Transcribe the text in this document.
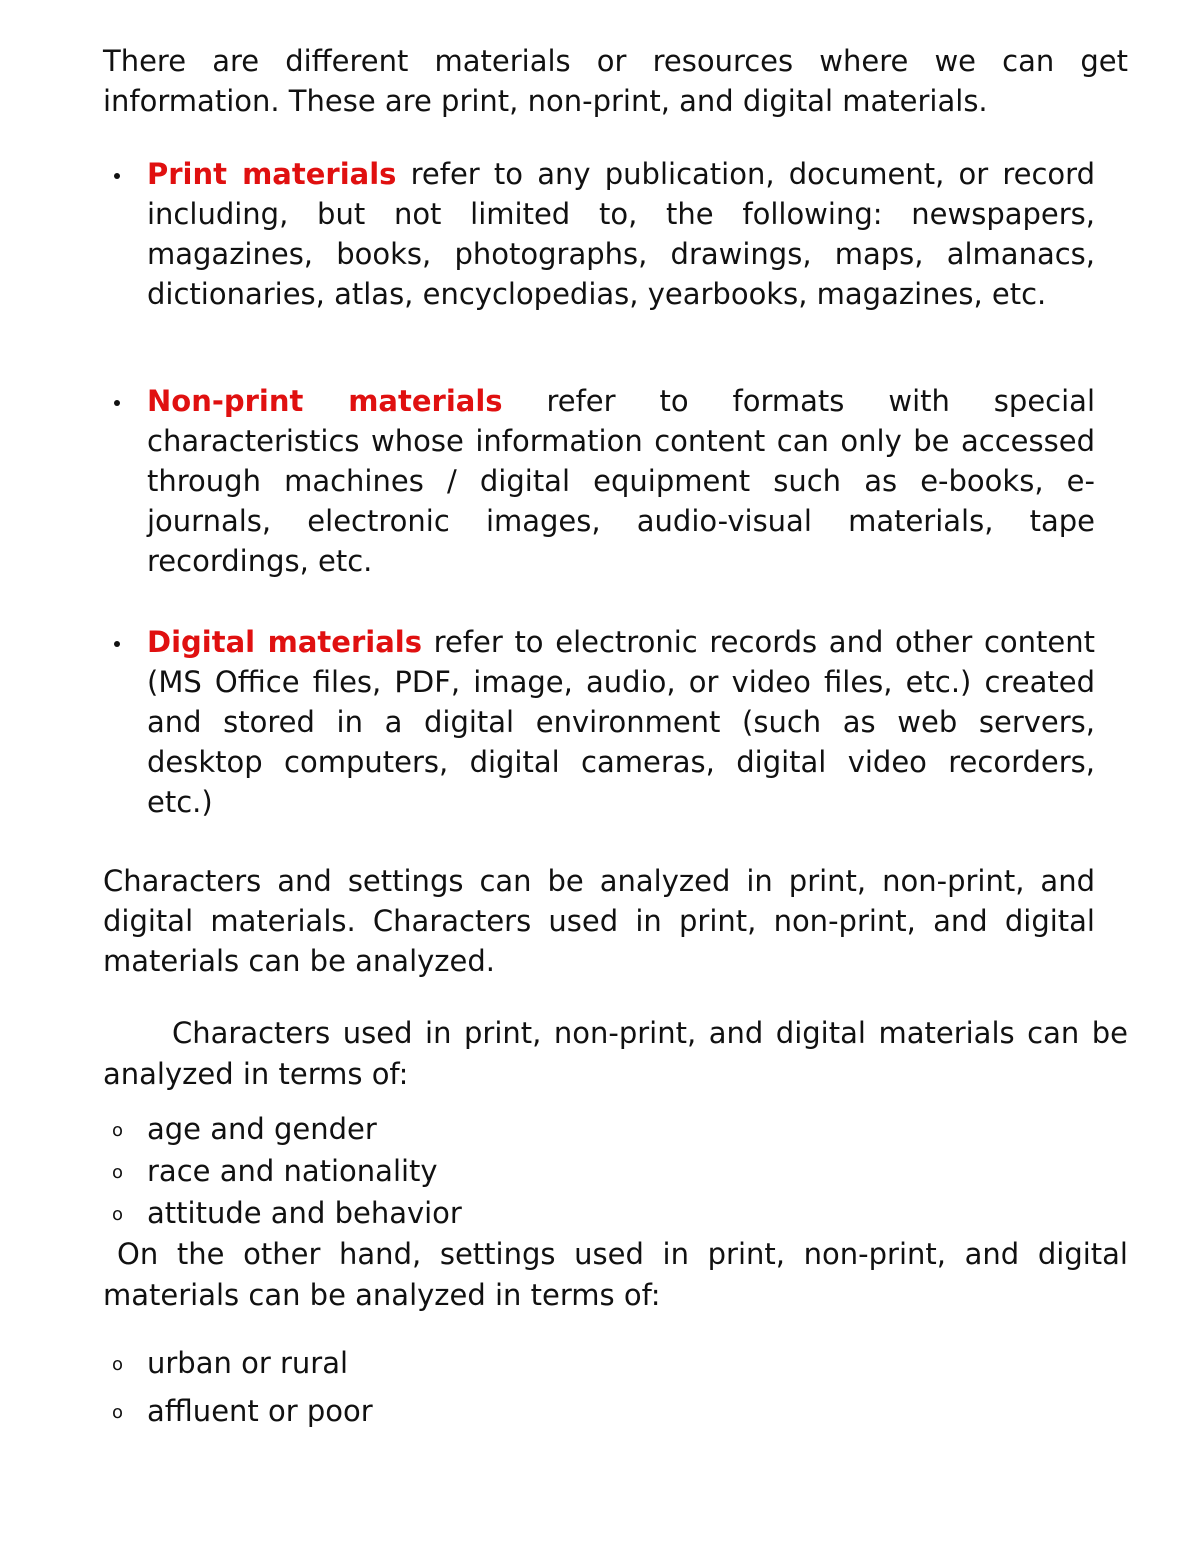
There are different materials or resources where we can get information. These are print, non-print, and digital materials.

Print materials refer to any publication, document, or record including, but not limited to, the following: newspapers, magazines, books, photographs, drawings, maps, almanacs, dictionaries, atlas, encyclopedias, yearbooks, magazines, etc.

Non-print materials refer to formats with special characteristics whose information content can only be accessed through machines / digital equipment such as e-books, e-journals, electronic images, audio-visual materials, tape recordings, etc.

Digital materials refer to electronic records and other content (MS Office files, PDF, image, audio, or video files, etc.) created and stored in a digital environment (such as web servers, desktop computers, digital cameras, digital video recorders, etc.)

Characters and settings can be analyzed in print, non-print, and digital materials. Characters used in print, non-print, and digital materials can be analyzed.

Characters used in print, non-print, and digital materials can be analyzed in terms of:

o age and gender

o race and nationality

o attitude and behavior

On the other hand, settings used in print, non-print, and digital materials can be analyzed in terms of:

o urban or rural

o affluent or poor
